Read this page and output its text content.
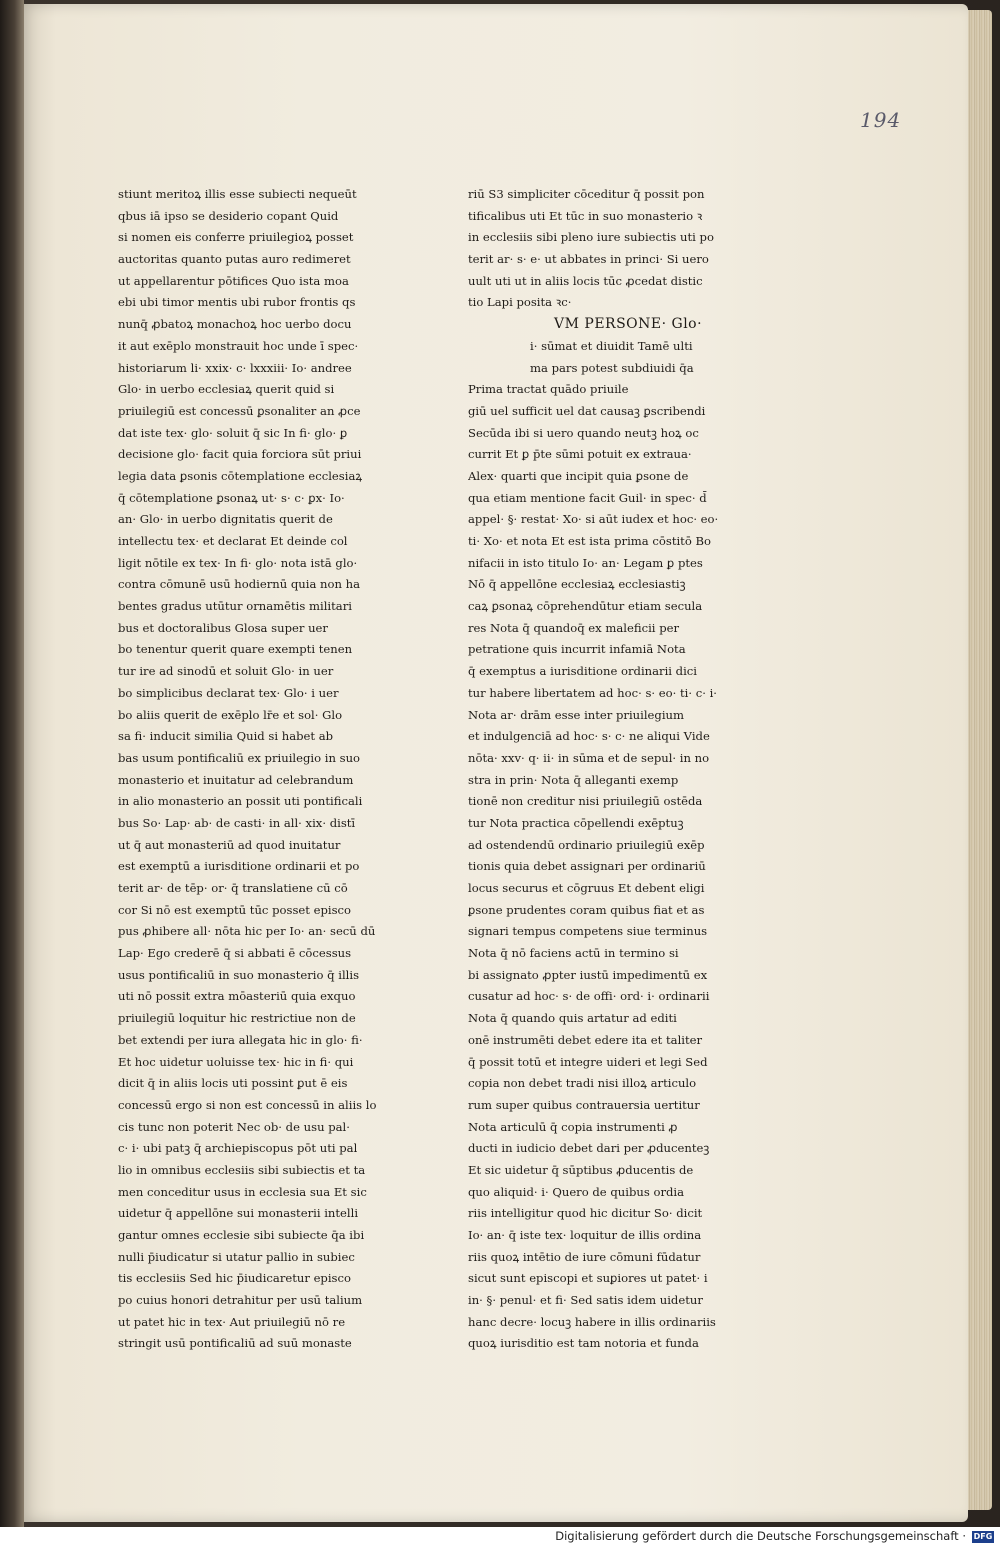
194
stiunt meritoꝝ illis esse subiecti nequeūt
qbus iā ipso se desiderio copant Quid
si nomen eis conferre priuilegioꝝ posset
auctoritas quanto putas auro redimeret
ut appellarentur pōtifices Quo ista moa
ebi ubi timor mentis ubi rubor frontis qs
nunq̄ ꝓbatoꝝ monachoꝝ hoc uerbo docu
it aut exēplo monstrauit hoc unde ī spec·
historiarum li· xxix· c· lxxxiii· Io· andree
Glo· in uerbo ecclesiaꝝ querit quid si
priuilegiū est concessū ꝑsonaliter an ꝓce
dat iste tex· glo· soluit q̄ sic In fi· glo· ꝑ
decisione glo· facit quia forciora sūt priui
legia data ꝑsonis cōtemplatione ecclesiaꝝ
q̄ cōtemplatione ꝑsonaꝝ ut· s· c· ꝑx· Io·
an· Glo· in uerbo dignitatis querit de
intellectu tex· et declarat Et deinde col
ligit nōtile ex tex· In fi· glo· nota istā glo·
contra cōmunē usū hodiernū quia non ha
bentes gradus utūtur ornamētis militari
bus et doctoralibus Glosa super uer
bo tenentur querit quare exempti tenen
tur ire ad sinodū et soluit Glo· in uer
bo simplicibus declarat tex· Glo· i uer
bo aliis querit de exēplo lr̄e et sol· Glo
sa fi· inducit similia Quid si habet ab
bas usum pontificaliū ex priuilegio in suo
monasterio et inuitatur ad celebrandum
in alio monasterio an possit uti pontificali
bus So· Lap· ab· de casti· in all· xix· distī
ut q̄ aut monasteriū ad quod inuitatur
est exemptū a iurisditione ordinarii et po
terit ar· de tēp· or· q̄ translatiene cū cō
cor Si nō est exemptū tūc posset episco
pus ꝓhibere all· nōta hic per Io· an· secū dū
Lap· Ego crederē q̄ si abbati ē cōcessus
usus pontificaliū in suo monasterio q̄ illis
uti nō possit extra mōasteriū quia exquo
priuilegiū loquitur hic restrictiue non de
bet extendi per iura allegata hic in glo· fi·
Et hoc uidetur uoluisse tex· hic in fi· qui
dicit q̄ in aliis locis uti possint ꝑut ē eis
concessū ergo si non est concessū in aliis lo
cis tunc non poterit Nec ob· de usu pal·
c· i· ubi patꝫ q̄ archiepiscopus pōt uti pal
lio in omnibus ecclesiis sibi subiectis et ta
men conceditur usus in ecclesia sua Et sic
uidetur q̄ appellōne sui monasterii intelli
gantur omnes ecclesie sibi subiecte q̄a ibi
nulli p̄iudicatur si utatur pallio in subiec
tis ecclesiis Sed hic p̄iudicaretur episco
po cuius honori detrahitur per usū talium
ut patet hic in tex· Aut priuilegiū nō re
stringit usū pontificaliū ad suū monaste
riū S3 simpliciter cōceditur q̄ possit pon
tificalibus uti Et tūc in suo monasterio ꝛ
in ecclesiis sibi pleno iure subiectis uti po
terit ar· s· e· ut abbates in princi· Si uero
uult uti ut in aliis locis tūc ꝓcedat distic
tio Lapi posita ꝛc·
VM PERSONE· Glo·
i· sūmat et diuidit Tamē ulti
ma pars potest subdiuidi q̄a
Prima tractat quādo priuile
giū uel sufficit uel dat causaꝫ ꝑscribendi
Secūda ibi si uero quando neutꝫ hoꝝ oc
currit Et ꝑ p̄te sūmi potuit ex extraua·
Alex· quarti que incipit quia ꝑsone de
qua etiam mentione facit Guil· in spec· d̄
appel· §· restat· Xo· si aūt iudex et hoc· eo·
ti· Xo· et nota Et est ista prima cōstitō Bo
nifacii in isto titulo Io· an· Legam ꝑ ptes
Nō q̄ appellōne ecclesiaꝝ ecclesiastiꝫ
caꝝ ꝑsonaꝝ cōprehendūtur etiam secula
res Nota q̄ quandoq̄ ex maleficii per
petratione quis incurrit infamiā Nota
q̄ exemptus a iurisditione ordinarii dici
tur habere libertatem ad hoc· s· eo· ti· c· i·
Nota ar· drām esse inter priuilegium
et indulgenciā ad hoc· s· c· ne aliqui Vide
nōta· xxv· q· ii· in sūma et de sepul· in no
stra in prin· Nota q̄ alleganti exemp
tionē non creditur nisi priuilegiū ostēda
tur Nota practica cōpellendi exēptuꝫ
ad ostendendū ordinario priuilegiū exēp
tionis quia debet assignari per ordinariū
locus securus et cōgruus Et debent eligi
ꝑsone prudentes coram quibus fiat et as
signari tempus competens siue terminus
Nota q̄ nō faciens actū in termino si
bi assignato ꝓpter iustū impedimentū ex
cusatur ad hoc· s· de offi· ord· i· ordinarii
Nota q̄ quando quis artatur ad editi
onē instrumēti debet edere ita et taliter
q̄ possit totū et integre uideri et legi Sed
copia non debet tradi nisi illoꝝ articulo
rum super quibus contrauersia uertitur
Nota articulū q̄ copia instrumenti ꝓ
ducti in iudicio debet dari per ꝓducenteꝫ
Et sic uidetur q̄ sūptibus ꝓducentis de
quo aliquid· i· Quero de quibus ordia
riis intelligitur quod hic dicitur So· dicit
Io· an· q̄ iste tex· loquitur de illis ordina
riis quoꝝ intētio de iure cōmuni fūdatur
sicut sunt episcopi et suꝑiores ut patet· i
in· §· penul· et fi· Sed satis idem uidetur
hanc decre· locuꝫ habere in illis ordinariis
quoꝝ iurisditio est tam notoria et funda
Digitalisierung gefördert durch die Deutsche Forschungsgemeinschaft · DFG
